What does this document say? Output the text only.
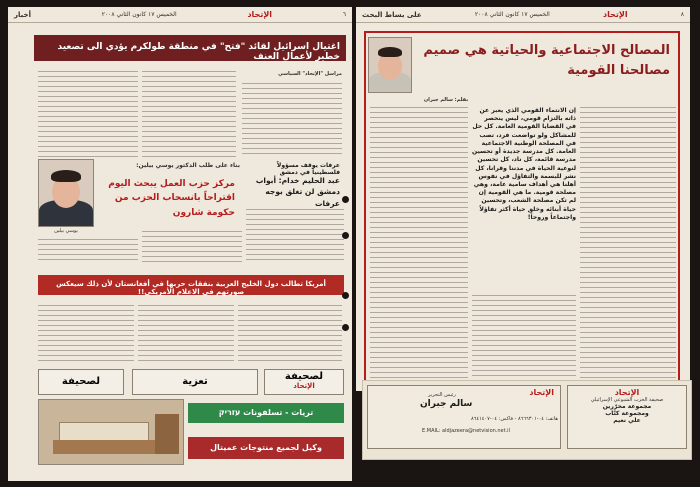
٦
الإتحاد
الخميس ١٧ كانون الثاني ٢٠٠٨
أخبار
اغتيال اسرائيل لقائد "فتح" في منطقة طولكرم يؤدي الى تصعيد خطير لأعمال العنف
مراسل "الإتحاد" السياسي
يوسي بيلين
بناء على طلب الدكتور يوسي بيلين:
مركز حزب العمل يبحث اليوم اقتراحاً بانسحاب الحزب من حكومة شارون
عرفات يوقف مسؤولاً فلسطينياً في دمشق
عبد الحليم خدام: أبواب دمشق لن تغلق بوجه عرفات
أمريكا تطالب دول الخليج العربية بنفقات حربها في أفغانستان لأن ذلك سيعكس صورتهم في الاعلام الأمريكي!!
لصحيفة	تعزية	لصحيفة
الإتحاد
تريات - تسلفونات עזריק
وكيل لجميع منتوجات عميتال
٨
الإتحاد
الخميس ١٧ كانون الثاني ٢٠٠٨
على بساط البحث
المصالح الاجتماعية والحياتية هي صميم مصالحنا القومية
بقلم: سالم جبران
إن الانتماء القومي الذي يعبر عن ذاته بالتزام قومي، ليس ينحصر في القضايا القومية العامة. كل حل للمشاكل ولو تواضعت فرد، تصب في المصلحة الوطنية الاجتماعية العامة. كل مدرسة جديدة أو تحسين مدرسة قائمة، كل ناد، كل تحسين لنوعية الحياة في مدننا وقرانا، كل نشر للبسمة والتفاؤل في نفوس أهلنا هي أهداف سامية عامة، وهي مصلحة قومية. ما هي القومية إن لم تكن مصلحة الشعب، وتحسين حياة أبنائه وخلق حياة أكثر تفاؤلاً واجتماعاً وروحاً!
الإتحاد
رئيس التحرير
سالم جبران
هاتف: ٠٤-٨٦٦٦٣٠١ - فاكس: ٠٤-٨٦٤١٤٠٧
E.MAIL: aldjazeera@netvision.net.il
الإتحاد
صحيفة الحزب الشيوعي الإسرائيلي
مجموعة محرّرين
ومجموعة كتّاب
علي نعيم
